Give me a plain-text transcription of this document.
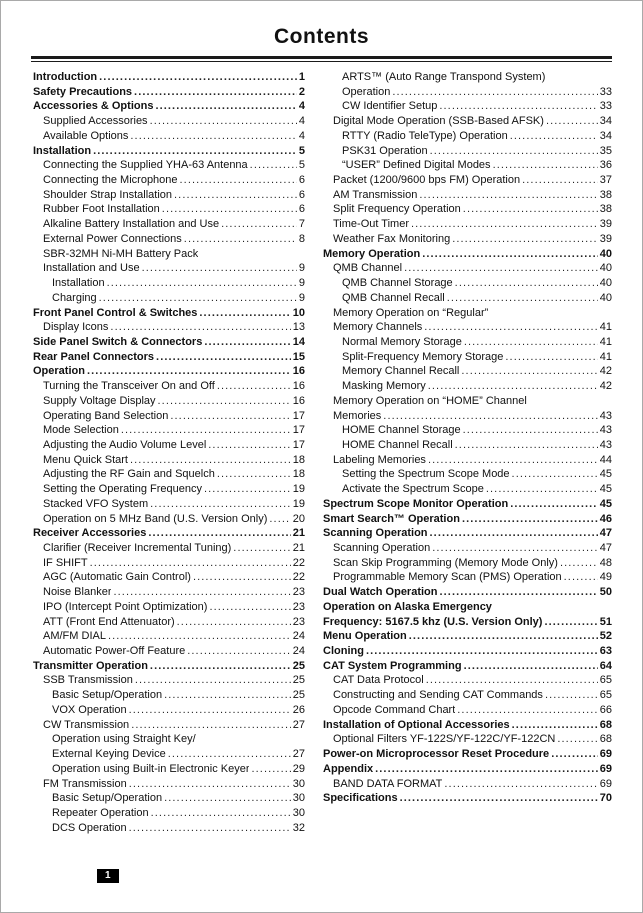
Contents
Introduction .....	1
Safety Precautions .....	2
Accessories & Options .....	4
Supplied Accessories .....	4
Available Options .....	4
Installation .....	5
Connecting the Supplied YHA-63 Antenna .....	5
Connecting the Microphone .....	6
Shoulder Strap Installation .....	6
Rubber Foot Installation .....	6
Alkaline Battery Installation and Use .....	7
External Power Connections .....	8
SBR-32MH Ni-MH Battery Pack
Installation and Use .....	9
Installation .....	9
Charging .....	9
Front Panel Control & Switches .....	10
Display Icons .....	13
Side Panel Switch & Connectors .....	14
Rear Panel Connectors .....	15
Operation .....	16
Turning the Transceiver On and Off .....	16
Supply Voltage Display .....	16
Operating Band Selection .....	17
Mode Selection .....	17
Adjusting the Audio Volume Level .....	17
Menu Quick Start .....	18
Adjusting the RF Gain and Squelch .....	18
Setting the Operating Frequency .....	19
Stacked VFO System .....	19
Operation on 5 MHz Band (U.S. Version Only) ..... 20
Receiver Accessories .....	21
Clarifier (Receiver Incremental Tuning) .....	21
IF SHIFT .....	22
AGC (Automatic Gain Control) .....	22
Noise Blanker .....	23
IPO (Intercept Point Optimization) .....	23
ATT (Front End Attenuator) .....	23
AM/FM DIAL .....	24
Automatic Power-Off Feature .....	24
Transmitter Operation .....	25
SSB Transmission .....	25
Basic Setup/Operation .....	25
VOX Operation .....	26
CW Transmission .....	27
Operation using Straight Key/
External Keying Device .....	27
Operation using Built-in Electronic Keyer .....	29
FM Transmission .....	30
Basic Setup/Operation .....	30
Repeater Operation .....	30
DCS Operation .....	32
ARTS™ (Auto Range Transpond System)
Operation .....	33
CW Identifier Setup .....	33
Digital Mode Operation (SSB-Based AFSK) .....	34
RTTY (Radio TeleType) Operation .....	34
PSK31 Operation .....	35
“USER” Defined Digital Modes .....	36
Packet (1200/9600 bps FM) Operation .....	37
AM Transmission .....	38
Split Frequency Operation .....	38
Time-Out Timer .....	39
Weather Fax Monitoring .....	39
Memory Operation .....	40
QMB Channel .....	40
QMB Channel Storage .....	40
QMB Channel Recall .....	40
Memory Operation on “Regular”
Memory Channels .....	41
Normal Memory Storage .....	41
Split-Frequency Memory Storage .....	41
Memory Channel Recall .....	42
Masking Memory .....	42
Memory Operation on “HOME” Channel
Memories .....	43
HOME Channel Storage .....	43
HOME Channel Recall .....	43
Labeling Memories .....	44
Setting the Spectrum Scope Mode .....	45
Activate the Spectrum Scope .....	45
Spectrum Scope Monitor Operation .....	45
Smart Search™ Operation .....	46
Scanning Operation .....	47
Scanning Operation .....	47
Scan Skip Programming (Memory Mode Only) .....	48
Programmable Memory Scan (PMS) Operation .....	49
Dual Watch Operation .....	50
Operation on Alaska Emergency
Frequency: 5167.5 khz (U.S. Version Only) .....	51
Menu Operation .....	52
Cloning .....	63
CAT System Programming .....	64
CAT Data Protocol .....	65
Constructing and Sending CAT Commands .....	65
Opcode Command Chart .....	66
Installation of Optional Accessories .....	68
Optional Filters YF-122S/YF-122C/YF-122CN .....	68
Power-on Microprocessor Reset Procedure .....	69
Appendix .....	69
BAND DATA FORMAT .....	69
Specifications .....	70
1
